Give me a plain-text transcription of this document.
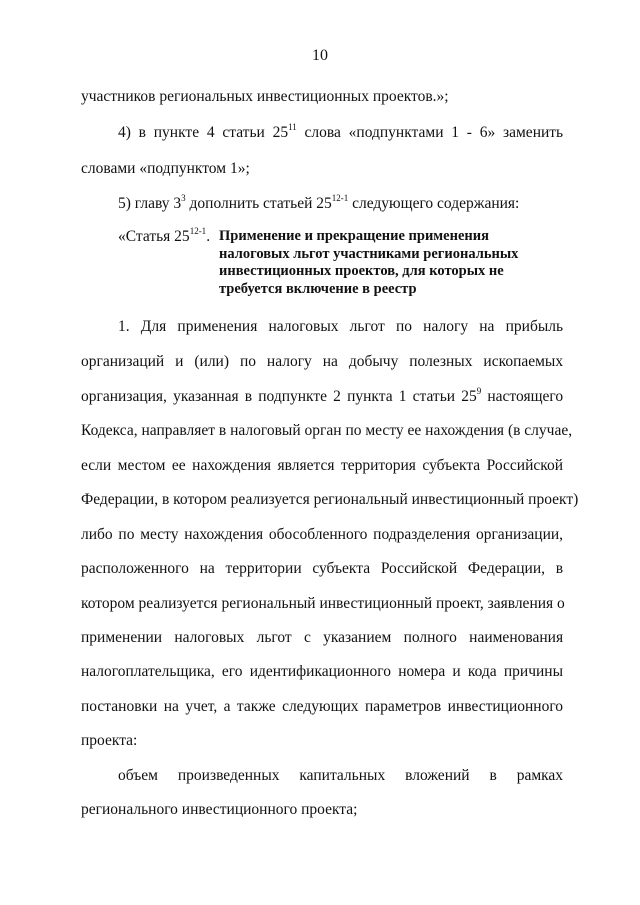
10
участников региональных инвестиционных проектов.»;
4) в пункте 4 статьи $25^{11}$ слова «подпунктами 1 - 6» заменить
словами «подпунктом 1»;
5) главу $3^3$ дополнить статьей 25$^{12-1}$ следующего содержания:
«Статья 25$^{12-1}$. Применение и прекращение применения
налоговых льгот участниками региональных
инвестиционных проектов, для которых не
требуется включение в реестр
1. Для применения налоговых льгот по налогу на прибыль
организаций и (или) по налогу на добычу полезных ископаемых
организация, указанная в подпункте 2 пункта 1 статьи $25^9$ настоящего
Кодекса, направляет в налоговый орган по месту ее нахождения (в случае,
если местом ее нахождения является территория субъекта Российской
Федерации, в котором реализуется региональный инвестиционный проект)
либо по месту нахождения обособленного подразделения организации,
расположенного на территории субъекта Российской Федерации, в
котором реализуется региональный инвестиционный проект, заявления о
применении налоговых льгот с указанием полного наименования
налогоплательщика, его идентификационного номера и кода причины
постановки на учет, а также следующих параметров инвестиционного
проекта:
объем произведенных капитальных вложений в рамках
регионального инвестиционного проекта;
